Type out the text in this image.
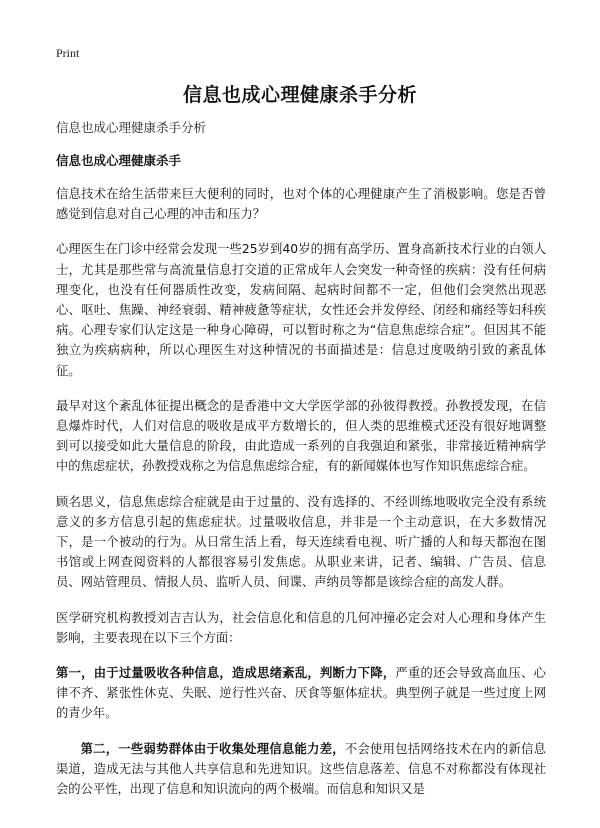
Print
信息也成心理健康杀手分析
信息也成心理健康杀手分析
信息也成心理健康杀手

信息技术在给生活带来巨大便利的同时，也对个体的心理健康产生了消极影响。您是否曾感觉到信息对自己心理的冲击和压力？

心理医生在门诊中经常会发现一些25岁到40岁的拥有高学历、置身高新技术行业的白领人士，尤其是那些常与高流量信息打交道的正常成年人会突发一种奇怪的疾病：没有任何病理变化，也没有任何器质性改变，发病间隔、起病时间都不一定，但他们会突然出现恶心、呕吐、焦躁、神经衰弱、精神疲惫等症状，女性还会并发停经、闭经和痛经等妇科疾病。心理专家们认定这是一种身心障碍，可以暂时称之为“信息焦虑综合症”。但因其不能独立为疾病病种，所以心理医生对这种情况的书面描述是：信息过度吸纳引致的紊乱体征。

最早对这个紊乱体征提出概念的是香港中文大学医学部的孙彼得教授。孙教授发现，在信息爆炸时代，人们对信息的吸收是成平方数增长的，但人类的思维模式还没有很好地调整到可以接受如此大量信息的阶段，由此造成一系列的自我强迫和紧张，非常接近精神病学中的焦虑症状，孙教授戏称之为信息焦虑综合症，有的新闻媒体也写作知识焦虑综合症。

顾名思义，信息焦虑综合症就是由于过量的、没有选择的、不经训练地吸收完全没有系统意义的多方信息引起的焦虑症状。过量吸收信息，并非是一个主动意识，在大多数情况下，是一个被动的行为。从日常生活上看，每天连续看电视、听广播的人和每天都泡在图书馆或上网查阅资料的人都很容易引发焦虑。从职业来讲，记者、编辑、广告员、信息员、网站管理员、情报人员、监听人员、间谍、声纳员等都是该综合症的高发人群。

医学研究机构教授刘吉吉认为，社会信息化和信息的几何冲撞必定会对人心理和身体产生影响，主要表现在以下三个方面：

第一，由于过量吸收各种信息，造成思绪紊乱，判断力下降，严重的还会导致高血压、心律不齐、紧张性休克、失眠、逆行性兴奋、厌食等躯体症状。典型例子就是一些过度上网的青少年。

第二，一些弱势群体由于收集处理信息能力差，不会使用包括网络技术在内的新信息渠道，造成无法与其他人共享信息和先进知识。这些信息落差、信息不对称都没有体现社会的公平性，出现了信息和知识流向的两个极端。而信息和知识又是
